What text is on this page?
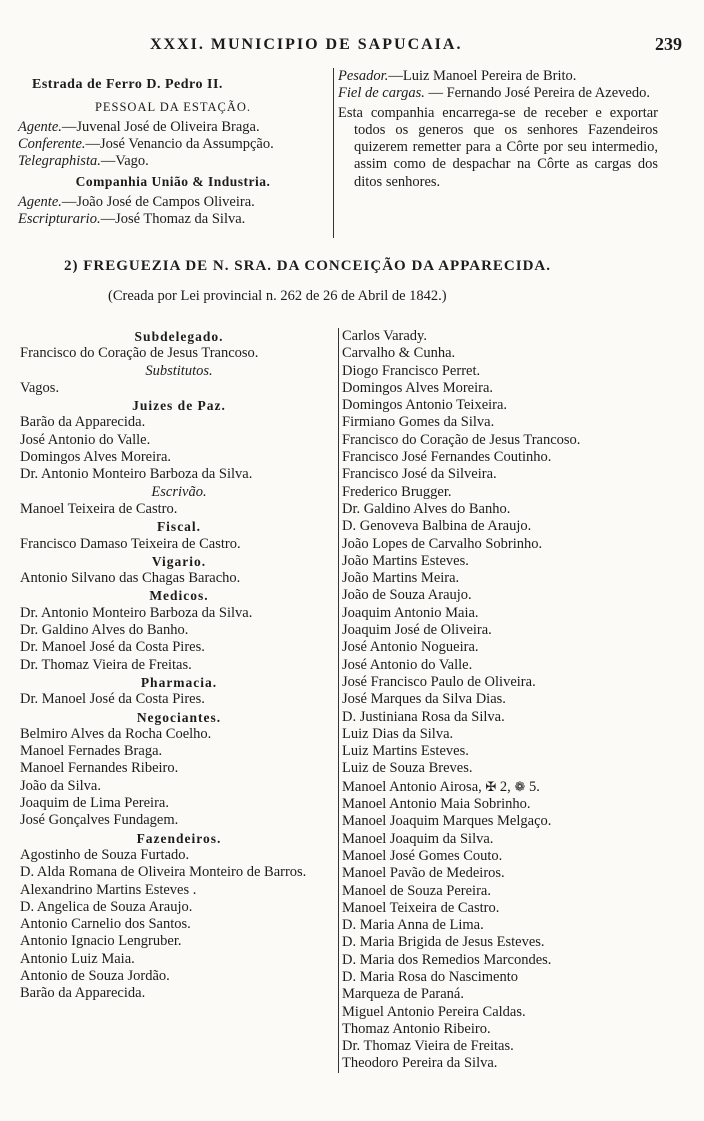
XXXI. MUNICIPIO DE SAPUCAIA.	239
Estrada de Ferro D. Pedro II.
PESSOAL DA ESTAÇÃO.
Agente.—Juvenal José de Oliveira Braga.
Conferente.—José Venancio da Assumpção.
Telegraphista.—Vago.
Companhia União & Industria.
Agente.—João José de Campos Oliveira.
Escripturario.—José Thomaz da Silva.
Pesador.—Luiz Manoel Pereira de Brito.
Fiel de cargas. — Fernando José Pereira de Azevedo.
Esta companhia encarrega-se de receber e exportar todos os generos que os senhores Fazendeiros quizerem remetter para a Côrte por seu intermedio, assim como de despachar na Côrte as cargas dos ditos senhores.
2) FREGUEZIA DE N. SRA. DA CONCEIÇÃO DA APPARECIDA.
(Creada por Lei provincial n. 262 de 26 de Abril de 1842.)
Subdelegado.
Francisco do Coração de Jesus Trancoso.
Substitutos.
Vagos.
Juizes de Paz.
Barão da Apparecida.
José Antonio do Valle.
Domingos Alves Moreira.
Dr. Antonio Monteiro Barboza da Silva.
Escrivão.
Manoel Teixeira de Castro.
Fiscal.
Francisco Damaso Teixeira de Castro.
Vigario.
Antonio Silvano das Chagas Baracho.
Medicos.
Dr. Antonio Monteiro Barboza da Silva.
Dr. Galdino Alves do Banho.
Dr. Manoel José da Costa Pires.
Dr. Thomaz Vieira de Freitas.
Pharmacia.
Dr. Manoel José da Costa Pires.
Negociantes.
Belmiro Alves da Rocha Coelho.
Manoel Fernades Braga.
Manoel Fernandes Ribeiro.
João da Silva.
Joaquim de Lima Pereira.
José Gonçalves Fundagem.
Fazendeiros.
Agostinho de Souza Furtado.
D. Alda Romana de Oliveira Monteiro de Barros.
Alexandrino Martins Esteves .
D. Angelica de Souza Araujo.
Antonio Carnelio dos Santos.
Antonio Ignacio Lengruber.
Antonio Luiz Maia.
Antonio de Souza Jordão.
Barão da Apparecida.
Carlos Varady.
Carvalho & Cunha.
Diogo Francisco Perret.
Domingos Alves Moreira.
Domingos Antonio Teixeira.
Firmiano Gomes da Silva.
Francisco do Coração de Jesus Trancoso.
Francisco José Fernandes Coutinho.
Francisco José da Silveira.
Frederico Brugger.
Dr. Galdino Alves do Banho.
D. Genoveva Balbina de Araujo.
João Lopes de Carvalho Sobrinho.
João Martins Esteves.
João Martins Meira.
João de Souza Araujo.
Joaquim Antonio Maia.
Joaquim José de Oliveira.
José Antonio Nogueira.
José Antonio do Valle.
José Francisco Paulo de Oliveira.
José Marques da Silva Dias.
D. Justiniana Rosa da Silva.
Luiz Dias da Silva.
Luiz Martins Esteves.
Luiz de Souza Breves.
Manoel Antonio Airosa, ✠ 2, ❁ 5.
Manoel Antonio Maia Sobrinho.
Manoel Joaquim Marques Melgaço.
Manoel Joaquim da Silva.
Manoel José Gomes Couto.
Manoel Pavão de Medeiros.
Manoel de Souza Pereira.
Manoel Teixeira de Castro.
D. Maria Anna de Lima.
D. Maria Brigida de Jesus Esteves.
D. Maria dos Remedios Marcondes.
D. Maria Rosa do Nascimento
Marqueza de Paraná.
Miguel Antonio Pereira Caldas.
Thomaz Antonio Ribeiro.
Dr. Thomaz Vieira de Freitas.
Theodoro Pereira da Silva.
